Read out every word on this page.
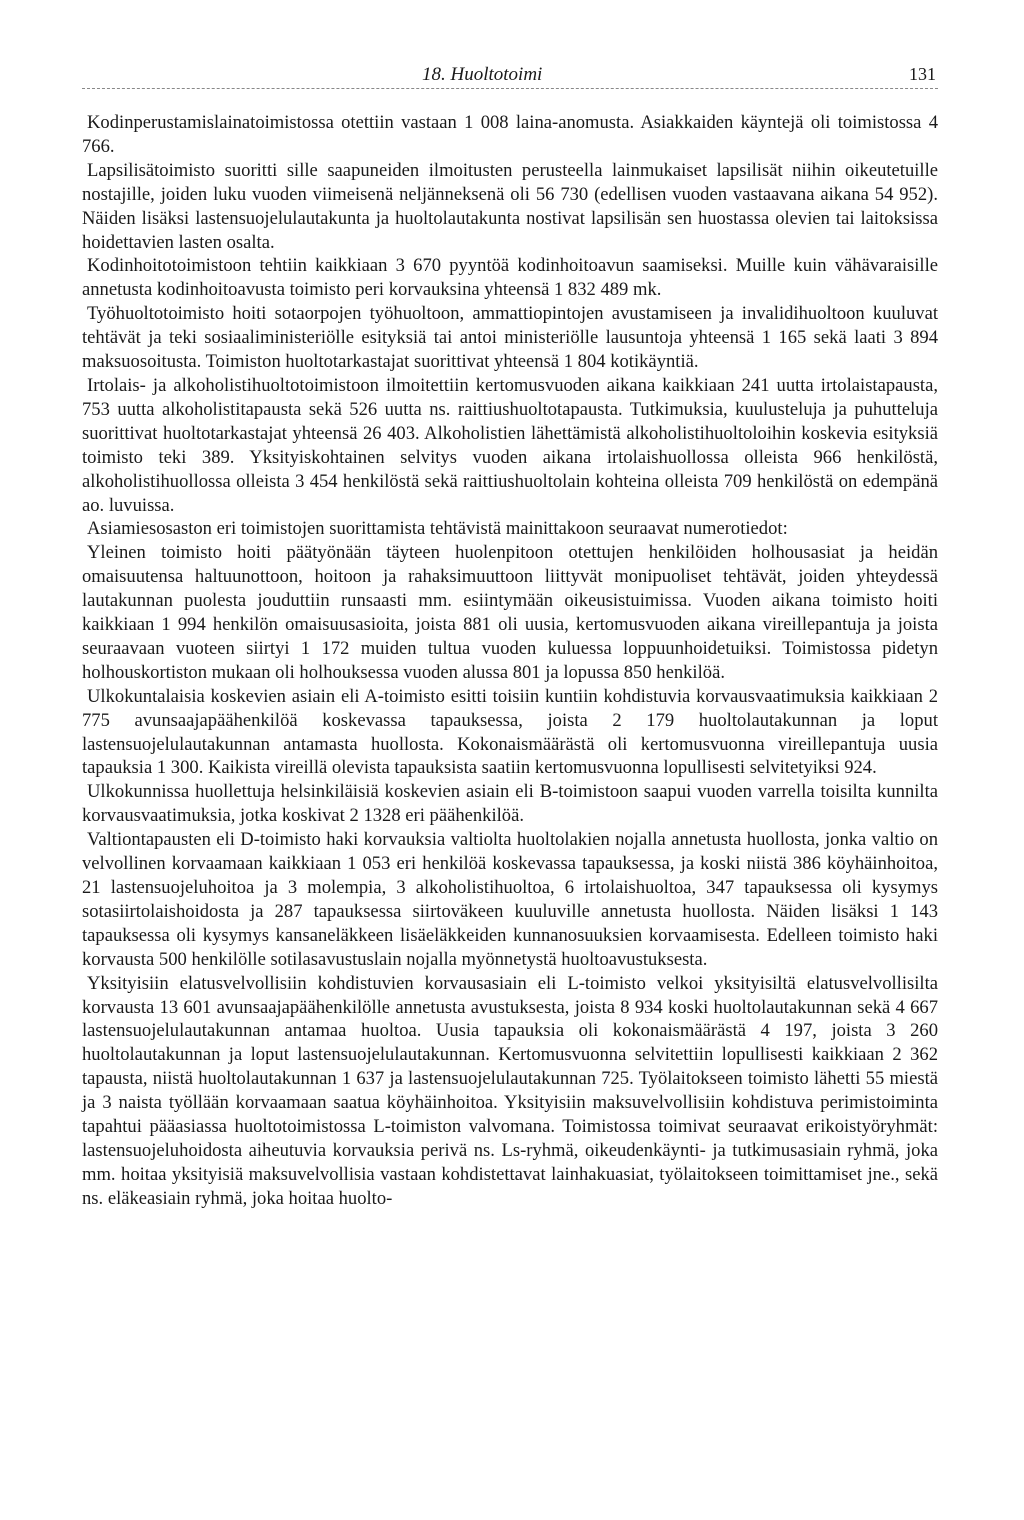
18. Huoltotoimi	131

Kodinperustamislainatoimistossa otettiin vastaan 1 008 laina-anomusta. Asiakkaiden käyntejä oli toimistossa 4 766.

Lapsilisätoimisto suoritti sille saapuneiden ilmoitusten perusteella lainmukaiset lapsilisät niihin oikeutetuille nostajille, joiden luku vuoden viimeisenä neljänneksenä oli 56 730 (edellisen vuoden vastaavana aikana 54 952). Näiden lisäksi lastensuojelulautakunta ja huoltolautakunta nostivat lapsilisän sen huostassa olevien tai laitoksissa hoidettavien lasten osalta.

Kodinhoitotoimistoon tehtiin kaikkiaan 3 670 pyyntöä kodinhoitoavun saamiseksi. Muille kuin vähävaraisille annetusta kodinhoitoavusta toimisto peri korvauksina yhteensä 1 832 489 mk.

Työhuoltotoimisto hoiti sotaorpojen työhuoltoon, ammattiopintojen avustamiseen ja invalidihuoltoon kuuluvat tehtävät ja teki sosiaaliministeriölle esityksiä tai antoi ministeriölle lausuntoja yhteensä 1 165 sekä laati 3 894 maksuosoitusta. Toimiston huoltotarkastajat suorittivat yhteensä 1 804 kotikäyntiä.

Irtolais- ja alkoholistihuoltotoimistoon ilmoitettiin kertomusvuoden aikana kaikkiaan 241 uutta irtolaistapausta, 753 uutta alkoholistitapausta sekä 526 uutta ns. raittiushuoltotapausta. Tutkimuksia, kuulusteluja ja puhutteluja suorittivat huoltotarkastajat yhteensä 26 403. Alkoholistien lähettämistä alkoholistihuoltoloihin koskevia esityksiä toimisto teki 389. Yksityiskohtainen selvitys vuoden aikana irtolaishuollossa olleista 966 henkilöstä, alkoholistihuollossa olleista 3 454 henkilöstä sekä raittiushuoltolain kohteina olleista 709 henkilöstä on edempänä ao. luvuissa.

Asiamiesosaston eri toimistojen suorittamista tehtävistä mainittakoon seuraavat numerotiedot:

Yleinen toimisto hoiti päätyönään täyteen huolenpitoon otettujen henkilöiden holhousasiat ja heidän omaisuutensa haltuunottoon, hoitoon ja rahaksimuuttoon liittyvät monipuoliset tehtävät, joiden yhteydessä lautakunnan puolesta jouduttiin runsaasti mm. esiintymään oikeusistuimissa. Vuoden aikana toimisto hoiti kaikkiaan 1 994 henkilön omaisuusasioita, joista 881 oli uusia, kertomusvuoden aikana vireillepantuja ja joista seuraavaan vuoteen siirtyi 1 172 muiden tultua vuoden kuluessa loppuunhoidetuiksi. Toimistossa pidetyn holhouskortiston mukaan oli holhouksessa vuoden alussa 801 ja lopussa 850 henkilöä.

Ulkokuntalaisia koskevien asiain eli A-toimisto esitti toisiin kuntiin kohdistuvia korvausvaatimuksia kaikkiaan 2 775 avunsaajapäähenkilöä koskevassa tapauksessa, joista 2 179 huoltolautakunnan ja loput lastensuojelulautakunnan antamasta huollosta. Kokonaismäärästä oli kertomusvuonna vireillepantuja uusia tapauksia 1 300. Kaikista vireillä olevista tapauksista saatiin kertomusvuonna lopullisesti selvitetyiksi 924.

Ulkokunnissa huollettuja helsinkiläisiä koskevien asiain eli B-toimistoon saapui vuoden varrella toisilta kunnilta korvausvaatimuksia, jotka koskivat 2 1328 eri päähenkilöä.

Valtiontapausten eli D-toimisto haki korvauksia valtiolta huoltolakien nojalla annetusta huollosta, jonka valtio on velvollinen korvaamaan kaikkiaan 1 053 eri henkilöä koskevassa tapauksessa, ja koski niistä 386 köyhäinhoitoa, 21 lastensuojeluhoitoa ja 3 molempia, 3 alkoholistihuoltoa, 6 irtolaishuoltoa, 347 tapauksessa oli kysymys sotasiirtolaishoidosta ja 287 tapauksessa siirtoväkeen kuuluville annetusta huollosta. Näiden lisäksi 1 143 tapauksessa oli kysymys kansaneläkkeen lisäeläkkeiden kunnanosuuksien korvaamisesta. Edelleen toimisto haki korvausta 500 henkilölle sotilasavustuslain nojalla myönnetystä huoltoavustuksesta.

Yksityisiin elatusvelvollisiin kohdistuvien korvausasiain eli L-toimisto velkoi yksityisiltä elatusvelvollisilta korvausta 13 601 avunsaajapäähenkilölle annetusta avustuksesta, joista 8 934 koski huoltolautakunnan sekä 4 667 lastensuojelulautakunnan antamaa huoltoa. Uusia tapauksia oli kokonaismäärästä 4 197, joista 3 260 huoltolautakunnan ja loput lastensuojelulautakunnan. Kertomusvuonna selvitettiin lopullisesti kaikkiaan 2 362 tapausta, niistä huoltolautakunnan 1 637 ja lastensuojelulautakunnan 725. Työlaitokseen toimisto lähetti 55 miestä ja 3 naista työllään korvaamaan saatua köyhäinhoitoa. Yksityisiin maksuvelvollisiin kohdistuva perimistoiminta tapahtui pääasiassa huoltotoimistossa L-toimiston valvomana. Toimistossa toimivat seuraavat erikoistyöryhmät: lastensuojeluhoidosta aiheutuvia korvauksia perivä ns. Ls-ryhmä, oikeudenkäynti- ja tutkimusasiain ryhmä, joka mm. hoitaa yksityisiä maksuvelvollisia vastaan kohdistettavat lainhakuasiat, työlaitokseen toimittamiset jne., sekä ns. eläkeasiain ryhmä, joka hoitaa huolto-
